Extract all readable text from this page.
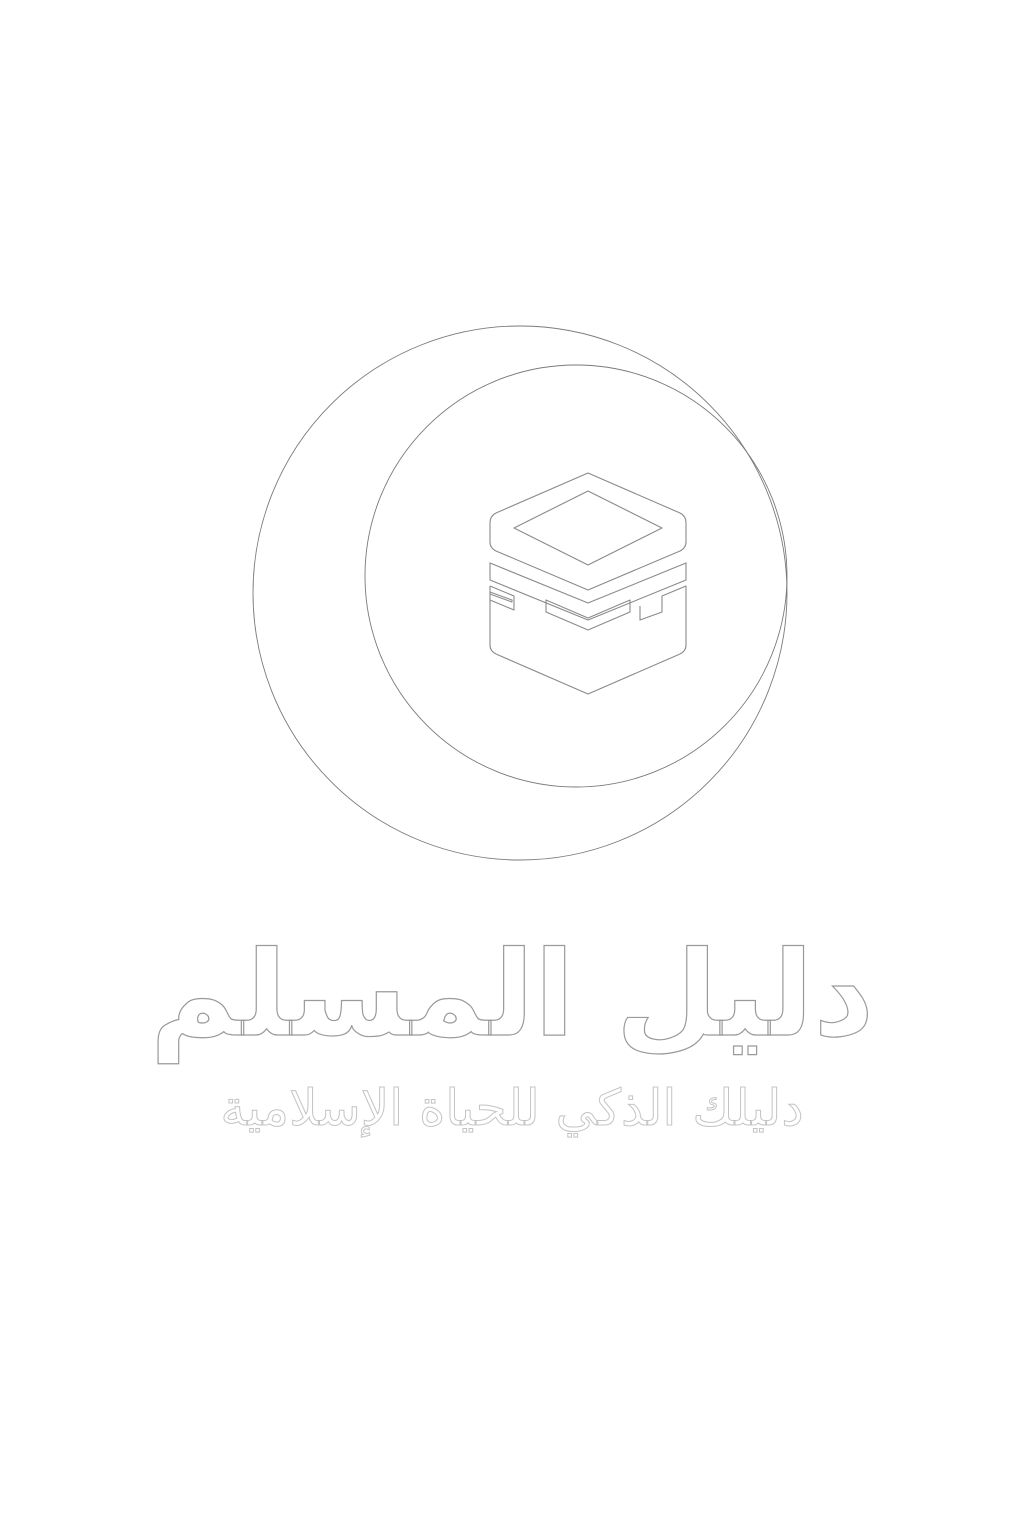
دليل المسلم
دليلك الذكي للحياة الإسلامية
